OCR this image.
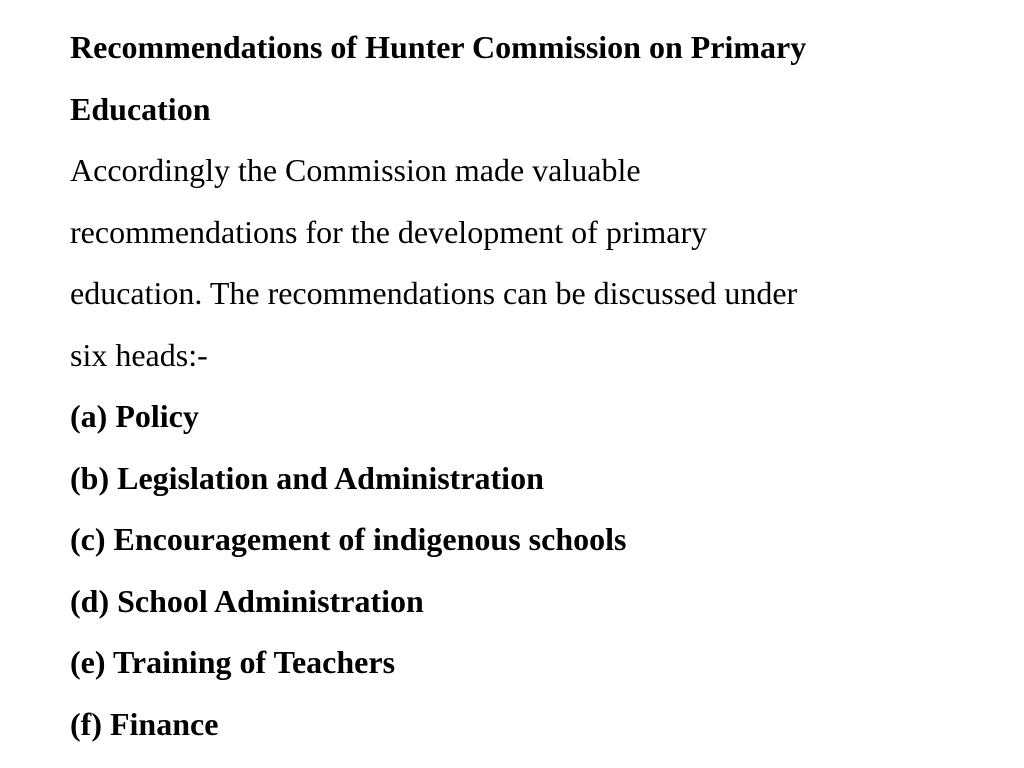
Recommendations of Hunter Commission on Primary
Education
Accordingly the Commission made valuable
recommendations for the development of primary
education. The recommendations can be discussed under
six heads:-
(a) Policy
(b) Legislation and Administration
(c) Encouragement of indigenous schools
(d) School Administration
(e) Training of Teachers
(f) Finance
